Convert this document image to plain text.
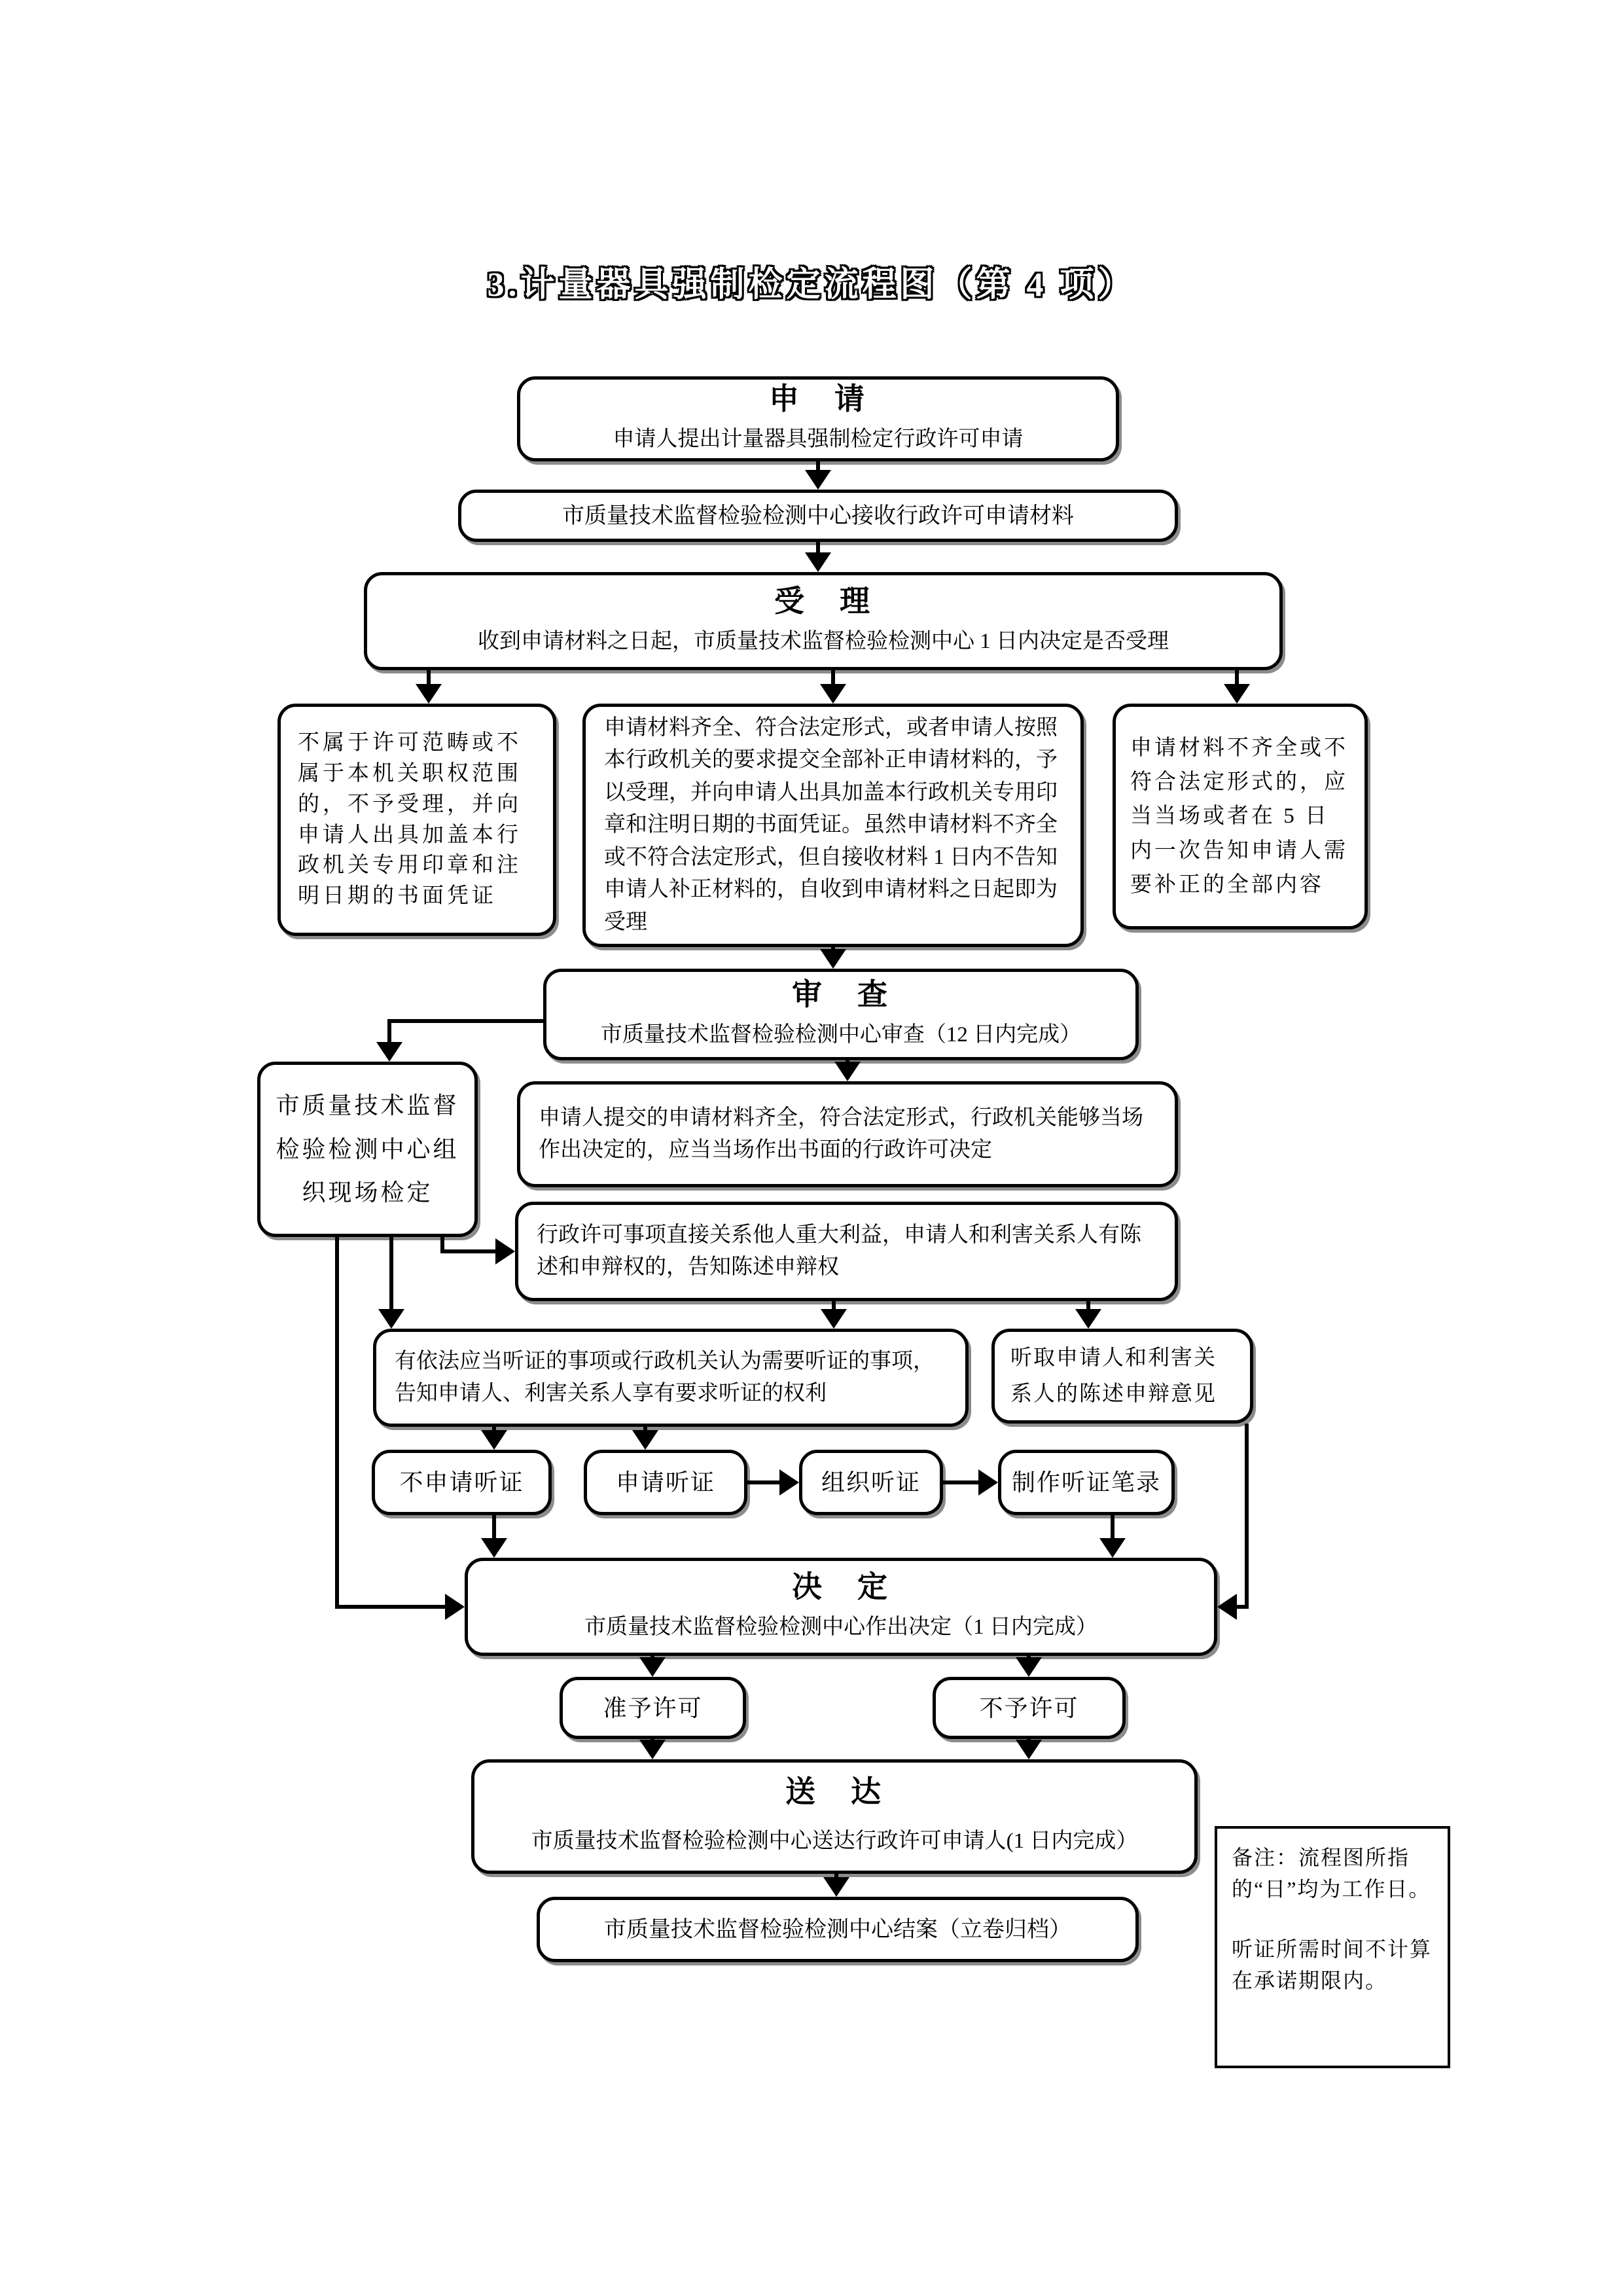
3.计量器具强制检定流程图（第 4 项）
申　请
申请人提出计量器具强制检定行政许可申请
市质量技术监督检验检测中心接收行政许可申请材料
受　理
收到申请材料之日起，市质量技术监督检验检测中心 1 日内决定是否受理
不属于许可范畴或不属于本机关职权范围的，不予受理，并向申请人出具加盖本行政机关专用印章和注明日期的书面凭证
申请材料齐全、符合法定形式，或者申请人按照本行政机关的要求提交全部补正申请材料的，予以受理，并向申请人出具加盖本行政机关专用印章和注明日期的书面凭证。虽然申请材料不齐全或不符合法定形式，但自接收材料 1 日内不告知申请人补正材料的，自收到申请材料之日起即为受理
申请材料不齐全或不符合法定形式的，应当当场或者在 5 日内一次告知申请人需要补正的全部内容
审　查
市质量技术监督检验检测中心审查（12 日内完成）
市质量技术监督检验检测中心组织现场检定
申请人提交的申请材料齐全，符合法定形式，行政机关能够当场作出决定的，应当当场作出书面的行政许可决定
行政许可事项直接关系他人重大利益，申请人和利害关系人有陈述和申辩权的，告知陈述申辩权
有依法应当听证的事项或行政机关认为需要听证的事项，告知申请人、利害关系人享有要求听证的权利
听取申请人和利害关系人的陈述申辩意见
不申请听证	申请听证	组织听证	制作听证笔录
决　定
市质量技术监督检验检测中心作出决定（1 日内完成）
准予许可	不予许可
送　达
市质量技术监督检验检测中心送达行政许可申请人(1 日内完成）
市质量技术监督检验检测中心结案（立卷归档）
备注：流程图所指的“日”均为工作日。
听证所需时间不计算在承诺期限内。
